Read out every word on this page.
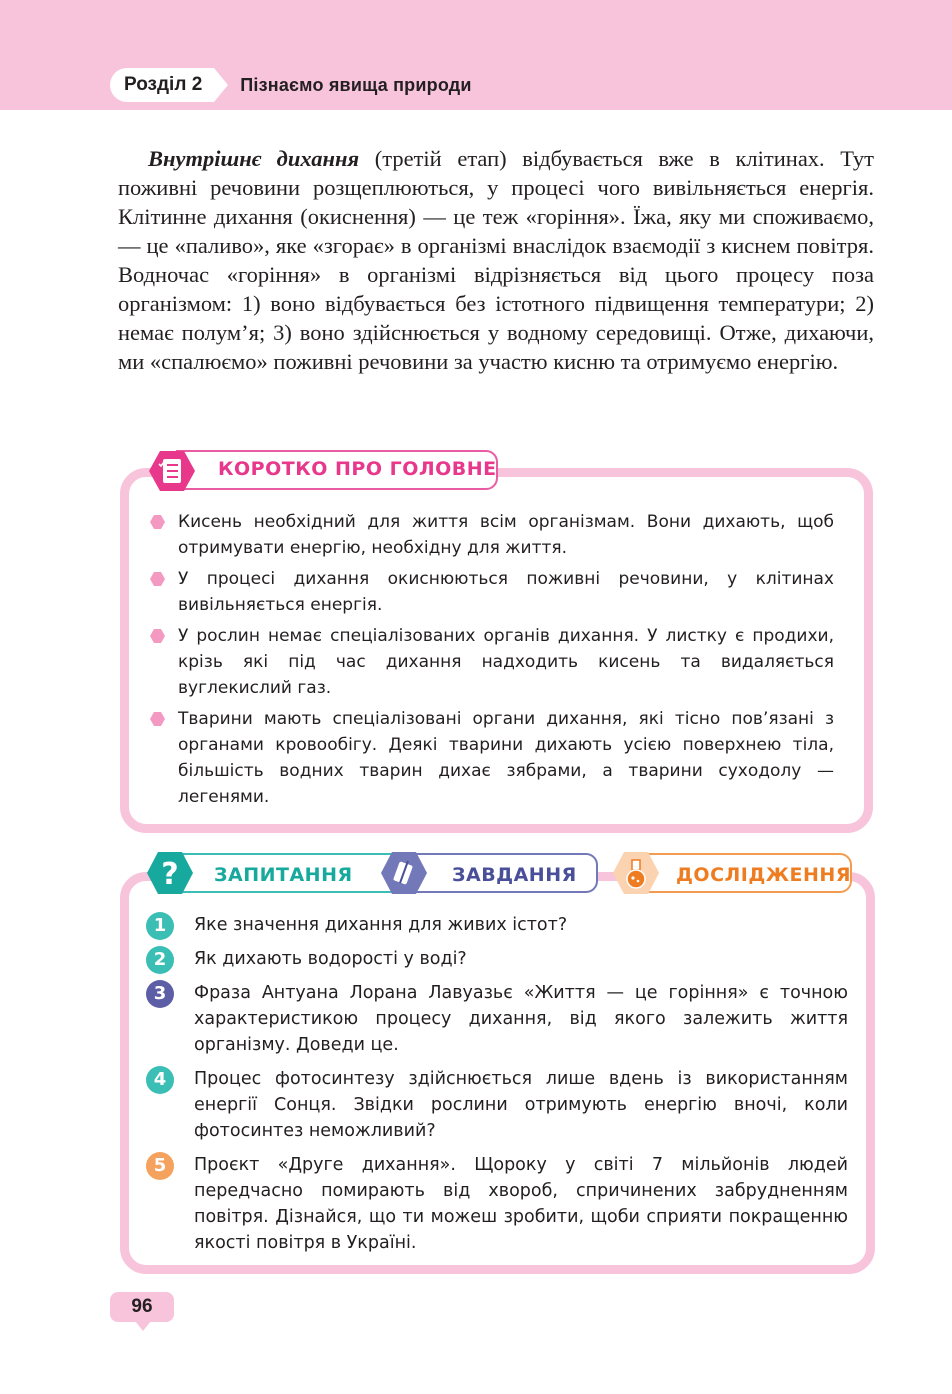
Розділ 2	Пізнаємо явища природи

Внутрішнє дихання (третій етап) відбувається вже в клітинах. Тут поживні речовини розщеплюються, у процесі чого вивільняється енергія. Клітинне дихання (окиснення) — це теж «горіння». Їжа, яку ми споживаємо, — це «паливо», яке «згорає» в організмі внаслідок взаємодії з киснем повітря. Водночас «горіння» в організмі відрізняється від цього процесу поза організмом: 1) воно відбувається без істотного підвищення температури; 2) немає полум’я; 3) воно здійснюється у водному середовищі. Отже, дихаючи, ми «спалюємо» поживні речовини за участю кисню та отримуємо енергію.

КОРОТКО ПРО ГОЛОВНЕ
Кисень необхідний для життя всім організмам. Вони дихають, щоб отримувати енергію, необхідну для життя.
У процесі дихання окиснюються поживні речовини, у клітинах вивільняється енергія.
У рослин немає спеціалізованих органів дихання. У листку є продихи, крізь які під час дихання надходить кисень та видаляється вуглекислий газ.
Тварини мають спеціалізовані органи дихання, які тісно пов’язані з органами кровообігу. Деякі тварини дихають усією поверхнею тіла, більшість водних тварин дихає зябрами, а тварини суходолу — легенями.
ЗАПИТАННЯ	ЗАВДАННЯ	ДОСЛІДЖЕННЯ
?
1	Яке значення дихання для живих істот?
2	Як дихають водорості у воді?
3	Фраза Антуана Лорана Лавуазьє «Життя — це горіння» є точною характеристикою процесу дихання, від якого залежить життя організму. Доведи це.
4	Процес фотосинтезу здійснюється лише вдень із використанням енергії Сонця. Звідки рослини отримують енергію вночі, коли фотосинтез неможливий?
5	Проєкт «Друге дихання». Щороку у світі 7 мільйонів людей передчасно помирають від хвороб, спричинених забрудненням повітря. Дізнайся, що ти можеш зробити, щоби сприяти покращенню якості повітря в Україні.
96
